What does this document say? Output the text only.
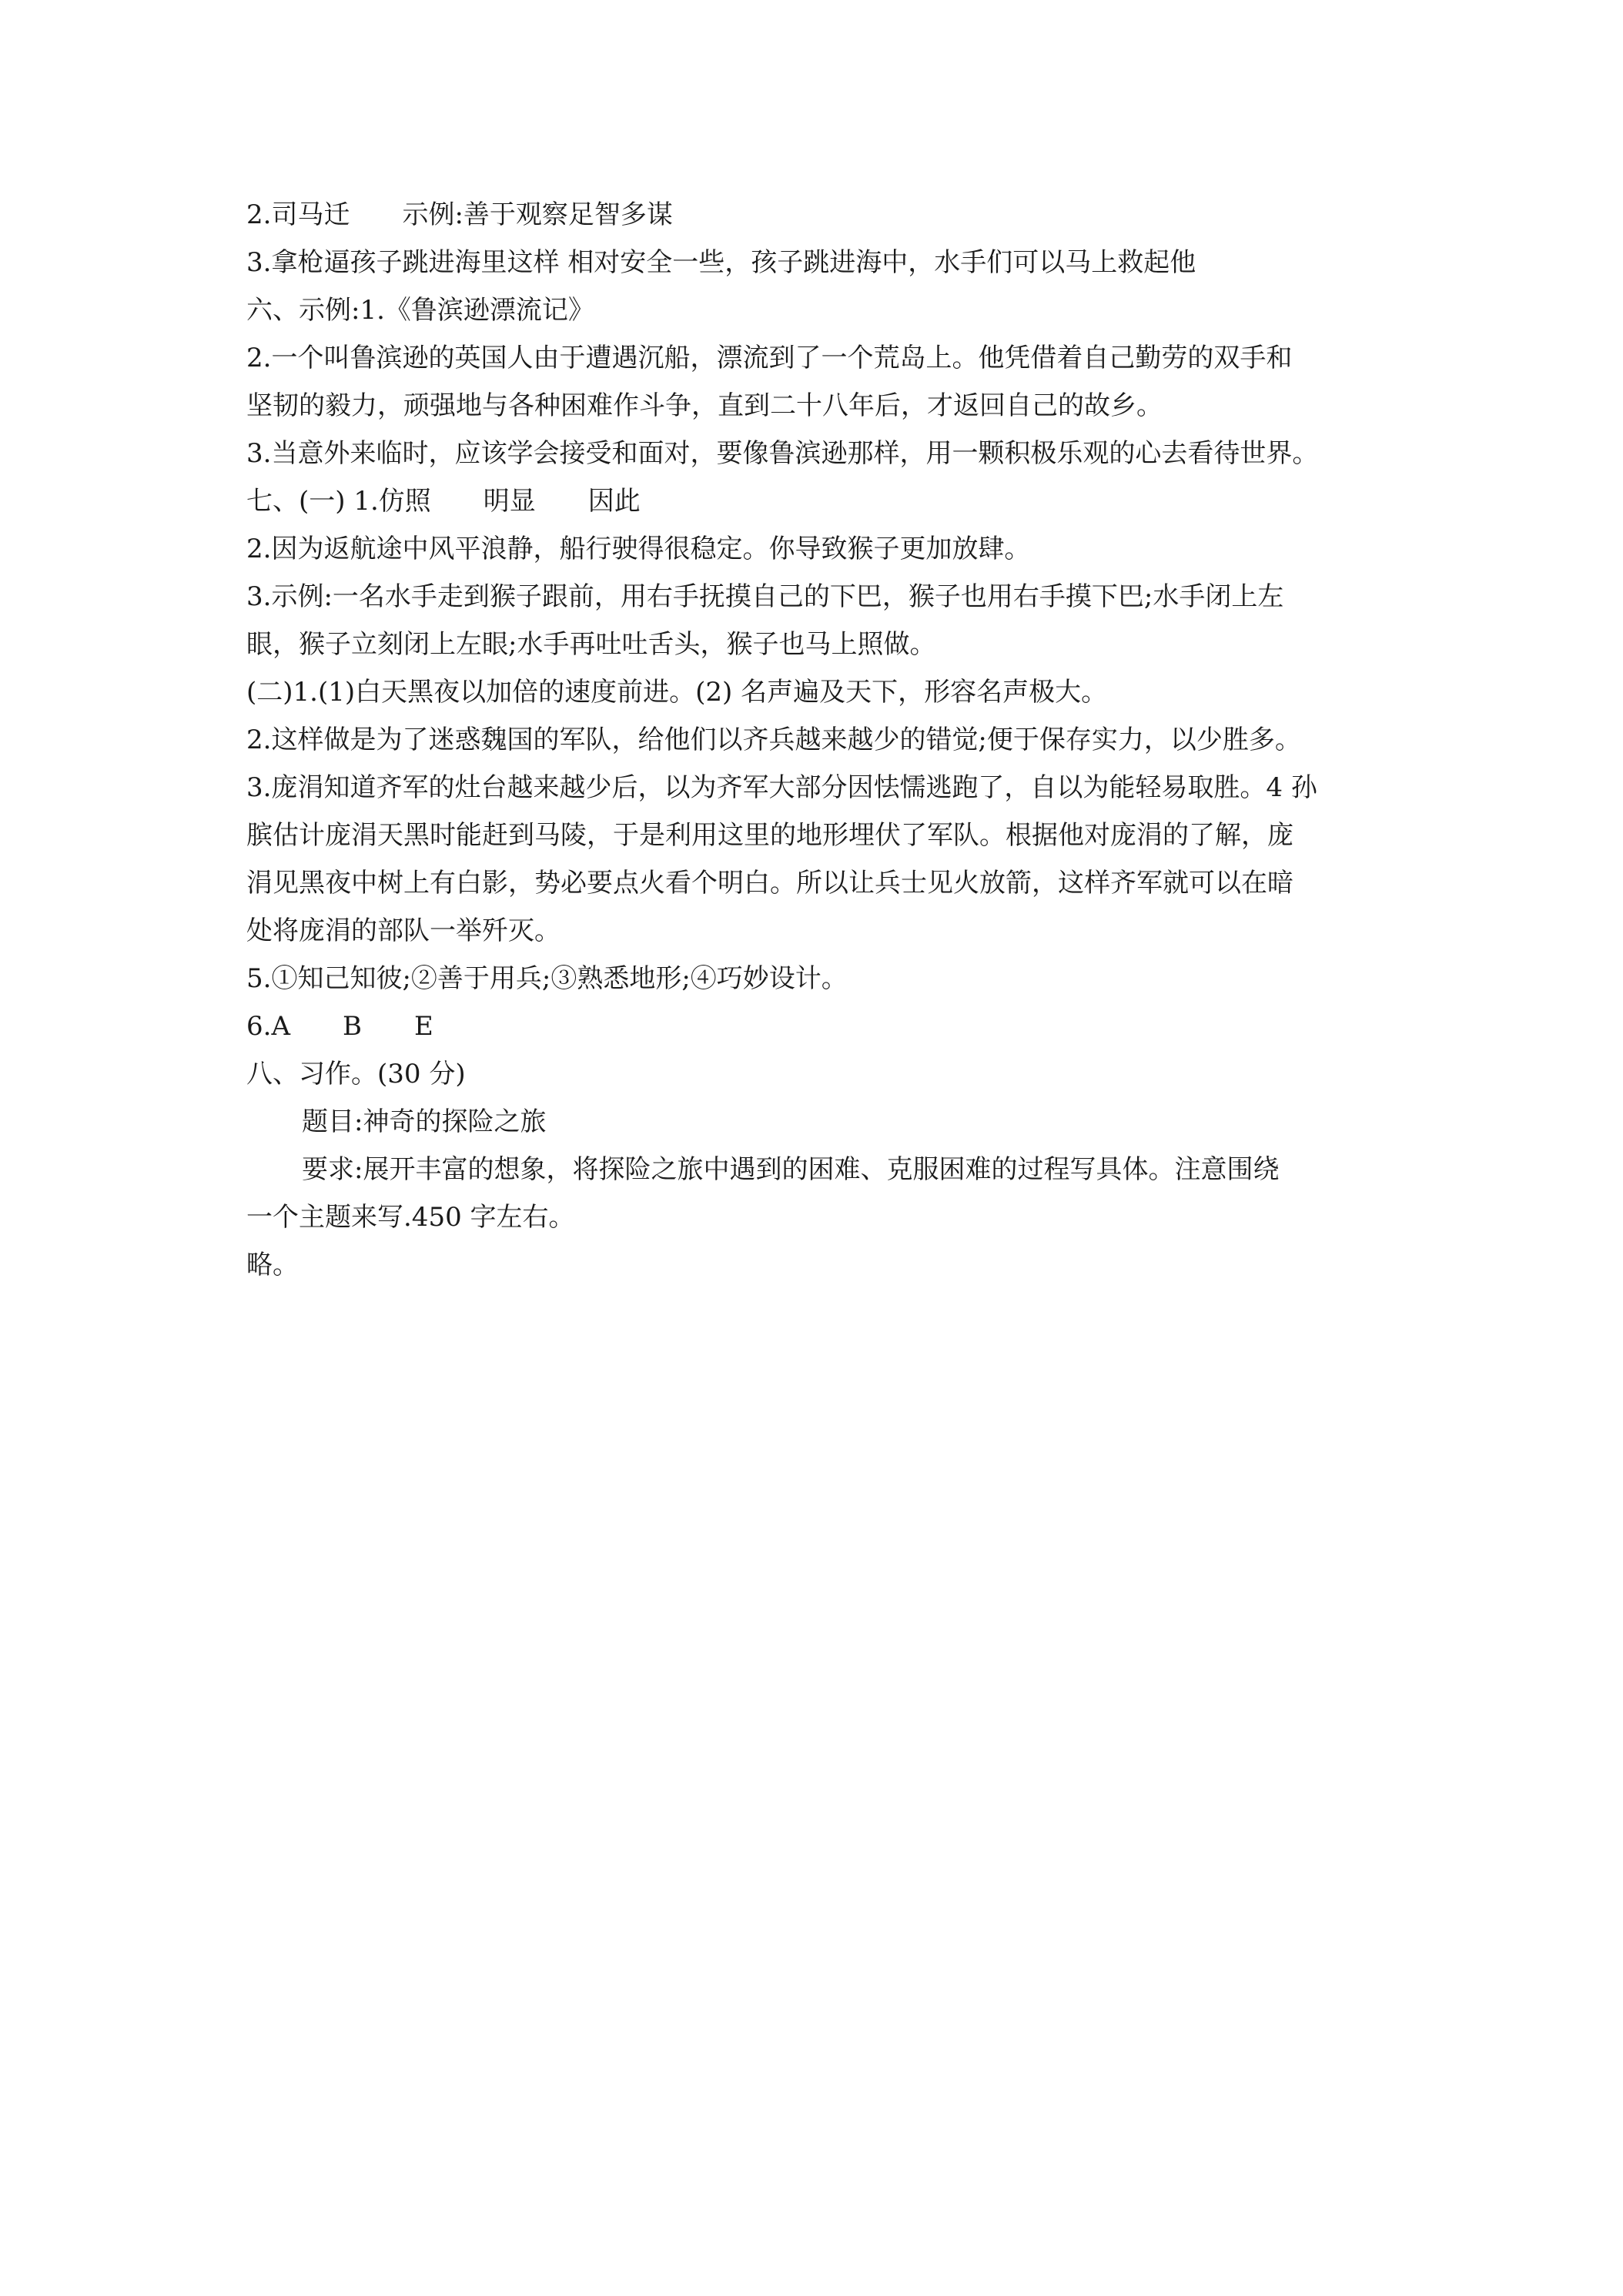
2.司马迁　　示例:善于观察足智多谋

3.拿枪逼孩子跳进海里这样 相对安全一些，孩子跳进海中，水手们可以马上救起他

六、示例:1.《鲁滨逊漂流记》

2.一个叫鲁滨逊的英国人由于遭遇沉船，漂流到了一个荒岛上。他凭借着自己勤劳的双手和

坚韧的毅力，顽强地与各种困难作斗争，直到二十八年后，才返回自己的故乡。

3.当意外来临时，应该学会接受和面对，要像鲁滨逊那样，用一颗积极乐观的心去看待世界。

七、(一) 1.仿照　　明显　　因此

2.因为返航途中风平浪静，船行驶得很稳定。你导致猴子更加放肆。

3.示例:一名水手走到猴子跟前，用右手抚摸自己的下巴，猴子也用右手摸下巴;水手闭上左

眼，猴子立刻闭上左眼;水手再吐吐舌头，猴子也马上照做。

(二)1.(1)白天黑夜以加倍的速度前进。(2) 名声遍及天下，形容名声极大。

2.这样做是为了迷惑魏国的军队，给他们以齐兵越来越少的错觉;便于保存实力，以少胜多。

3.庞涓知道齐军的灶台越来越少后，以为齐军大部分因怯懦逃跑了，自以为能轻易取胜。4 孙

膑估计庞涓天黑时能赶到马陵，于是利用这里的地形埋伏了军队。根据他对庞涓的了解，庞

涓见黑夜中树上有白影，势必要点火看个明白。所以让兵士见火放箭，这样齐军就可以在暗

处将庞涓的部队一举歼灭。

5.①知己知彼;②善于用兵;③熟悉地形;④巧妙设计。

6.A　　B　　E

八、习作。(30 分)

题目:神奇的探险之旅

要求:展开丰富的想象，将探险之旅中遇到的困难、克服困难的过程写具体。注意围绕

一个主题来写.450 字左右。

略。
